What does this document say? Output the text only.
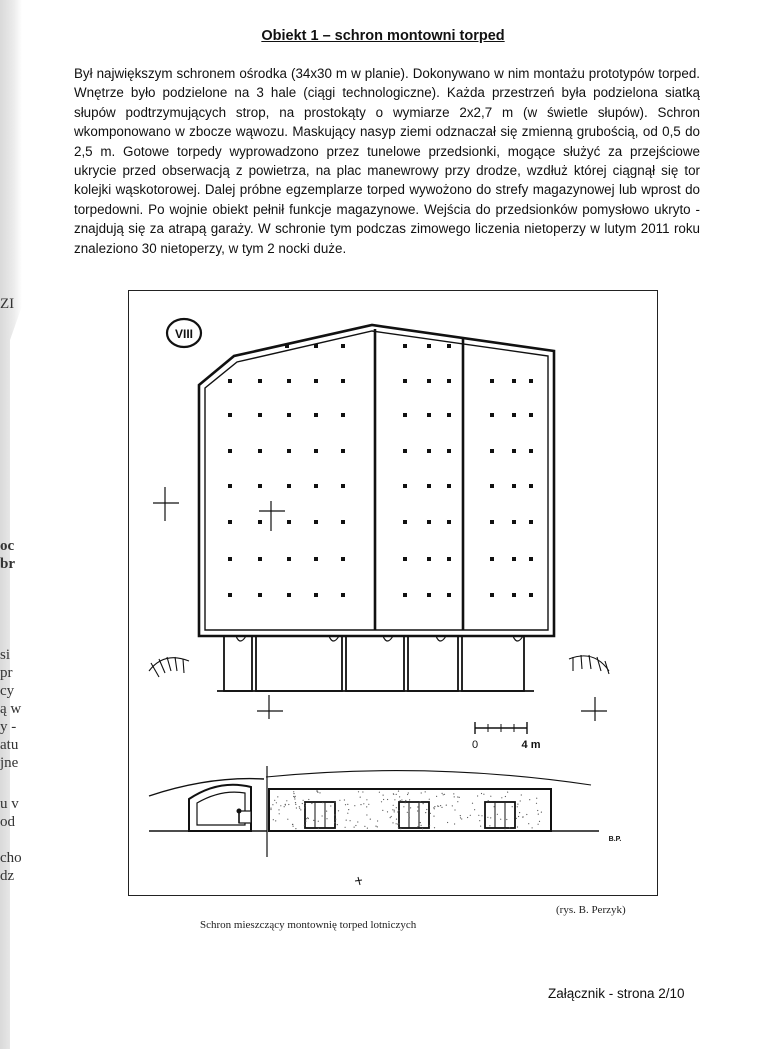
ZI
oc
br
si
pr
cy
ą w
y -
atu
jne
u v
od
cho
dz
Obiekt 1 – schron montowni torped
Był największym schronem ośrodka (34x30 m w planie). Dokonywano w nim montażu prototypów torped. Wnętrze było podzielone na 3 hale (ciągi technologiczne). Każda przestrzeń była podzielona siatką słupów podtrzymujących strop, na prostokąty o wymiarze 2x2,7 m (w świetle słupów). Schron wkomponowano w zboczе wąwozu. Maskujący nasyp ziemi odznaczał się zmienną grubością, od 0,5 do 2,5 m. Gotowe torpedy wyprowadzono przez tunelowe przedsionki, mogące służyć za przejściowe ukrycie przed obserwacją z powietrza, na plac manewrowy przy drodze, wzdłuż której ciągnął się tor kolejki wąskotorowej. Dalej próbne egzemplarze torped wywożono do strefy magazynowej lub wprost do torpedowni. Po wojnie obiekt pełnił funkcje magazynowe. Wejścia do przedsionków pomysłowo ukryto - znajdują się za atrapą garaży. W schronie tym podczas zimowego liczenia nietoperzy w lutym 2011 roku znaleziono 30 nietoperzy, w tym 2 nocki duże.
VIII
0	4 m
B.P.
(rys. B. Perzyk)
Schron mieszczący montownię torped lotniczych
Załącznik - strona 2/10
